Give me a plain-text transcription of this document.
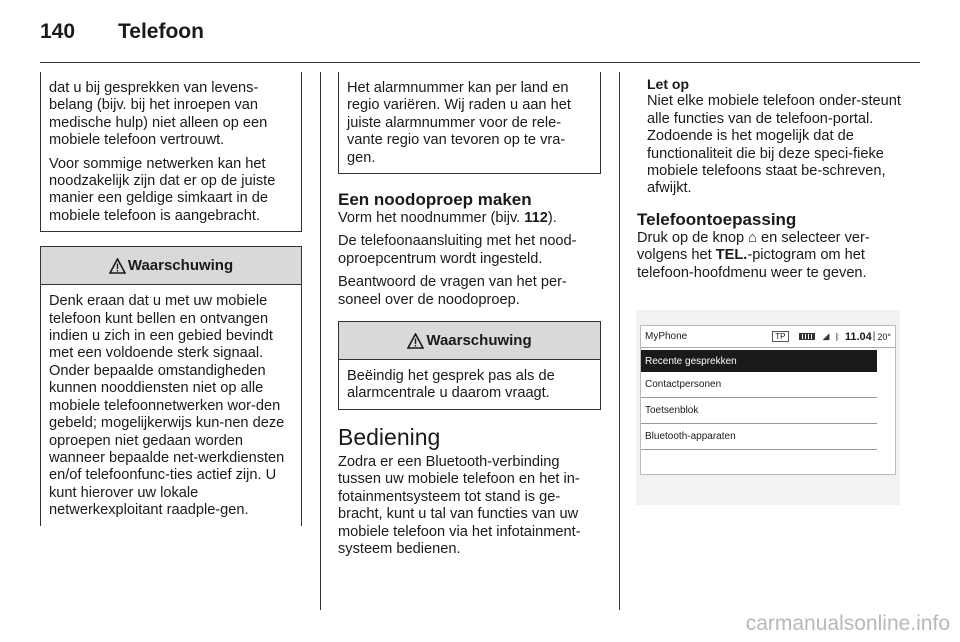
140	Telefoon

dat u bij gesprekken van levens-belang (bijv. bij het inroepen van medische hulp) niet alleen op een mobiele telefoon vertrouwt.

Voor sommige netwerken kan het noodzakelijk zijn dat er op de juiste manier een geldige simkaart in de mobiele telefoon is aangebracht.

Waarschuwing
Denk eraan dat u met uw mobiele telefoon kunt bellen en ontvangen indien u zich in een gebied bevindt met een voldoende sterk signaal. Onder bepaalde omstandigheden kunnen nooddiensten niet op alle mobiele telefoonnetwerken wor-den gebeld; mogelijkerwijs kun-nen deze oproepen niet gedaan worden wanneer bepaalde net-werkdiensten en/of telefoonfunc-ties actief zijn. U kunt hierover uw lokale netwerkexploitant raadple-gen.
Het alarmnummer kan per land en regio variëren. Wij raden u aan het juiste alarmnummer voor de rele-vante regio van tevoren op te vra-gen.
Een noodoproep maken

Vorm het noodnummer (bijv. 112).

De telefoonaansluiting met het nood-oproepcentrum wordt ingesteld.

Beantwoord de vragen van het per-soneel over de noodoproep.

Waarschuwing
Beëindig het gesprek pas als de alarmcentrale u daarom vraagt.
Bediening

Zodra er een Bluetooth-verbinding tussen uw mobiele telefoon en het in-fotainmentsysteem tot stand is ge-bracht, kunt u tal van functies van uw mobiele telefoon via het infotainment-systeem bedienen.

Let op

Niet elke mobiele telefoon onder-steunt alle functies van de telefoon-portal. Zodoende is het mogelijk dat de functionaliteit die bij deze speci-fieke mobiele telefoons staat be-schreven, afwijkt.

Telefoontoepassing

Druk op de knop ⌂ en selecteer ver-volgens het TEL.-pictogram om het telefoon-hoofdmenu weer te geven.

MyPhone	TP	◢ ᛒ 11.04 | 20°
Recente gesprekken
Contactpersonen
Toetsenblok
Bluetooth-apparaten
carmanualsonline.info
